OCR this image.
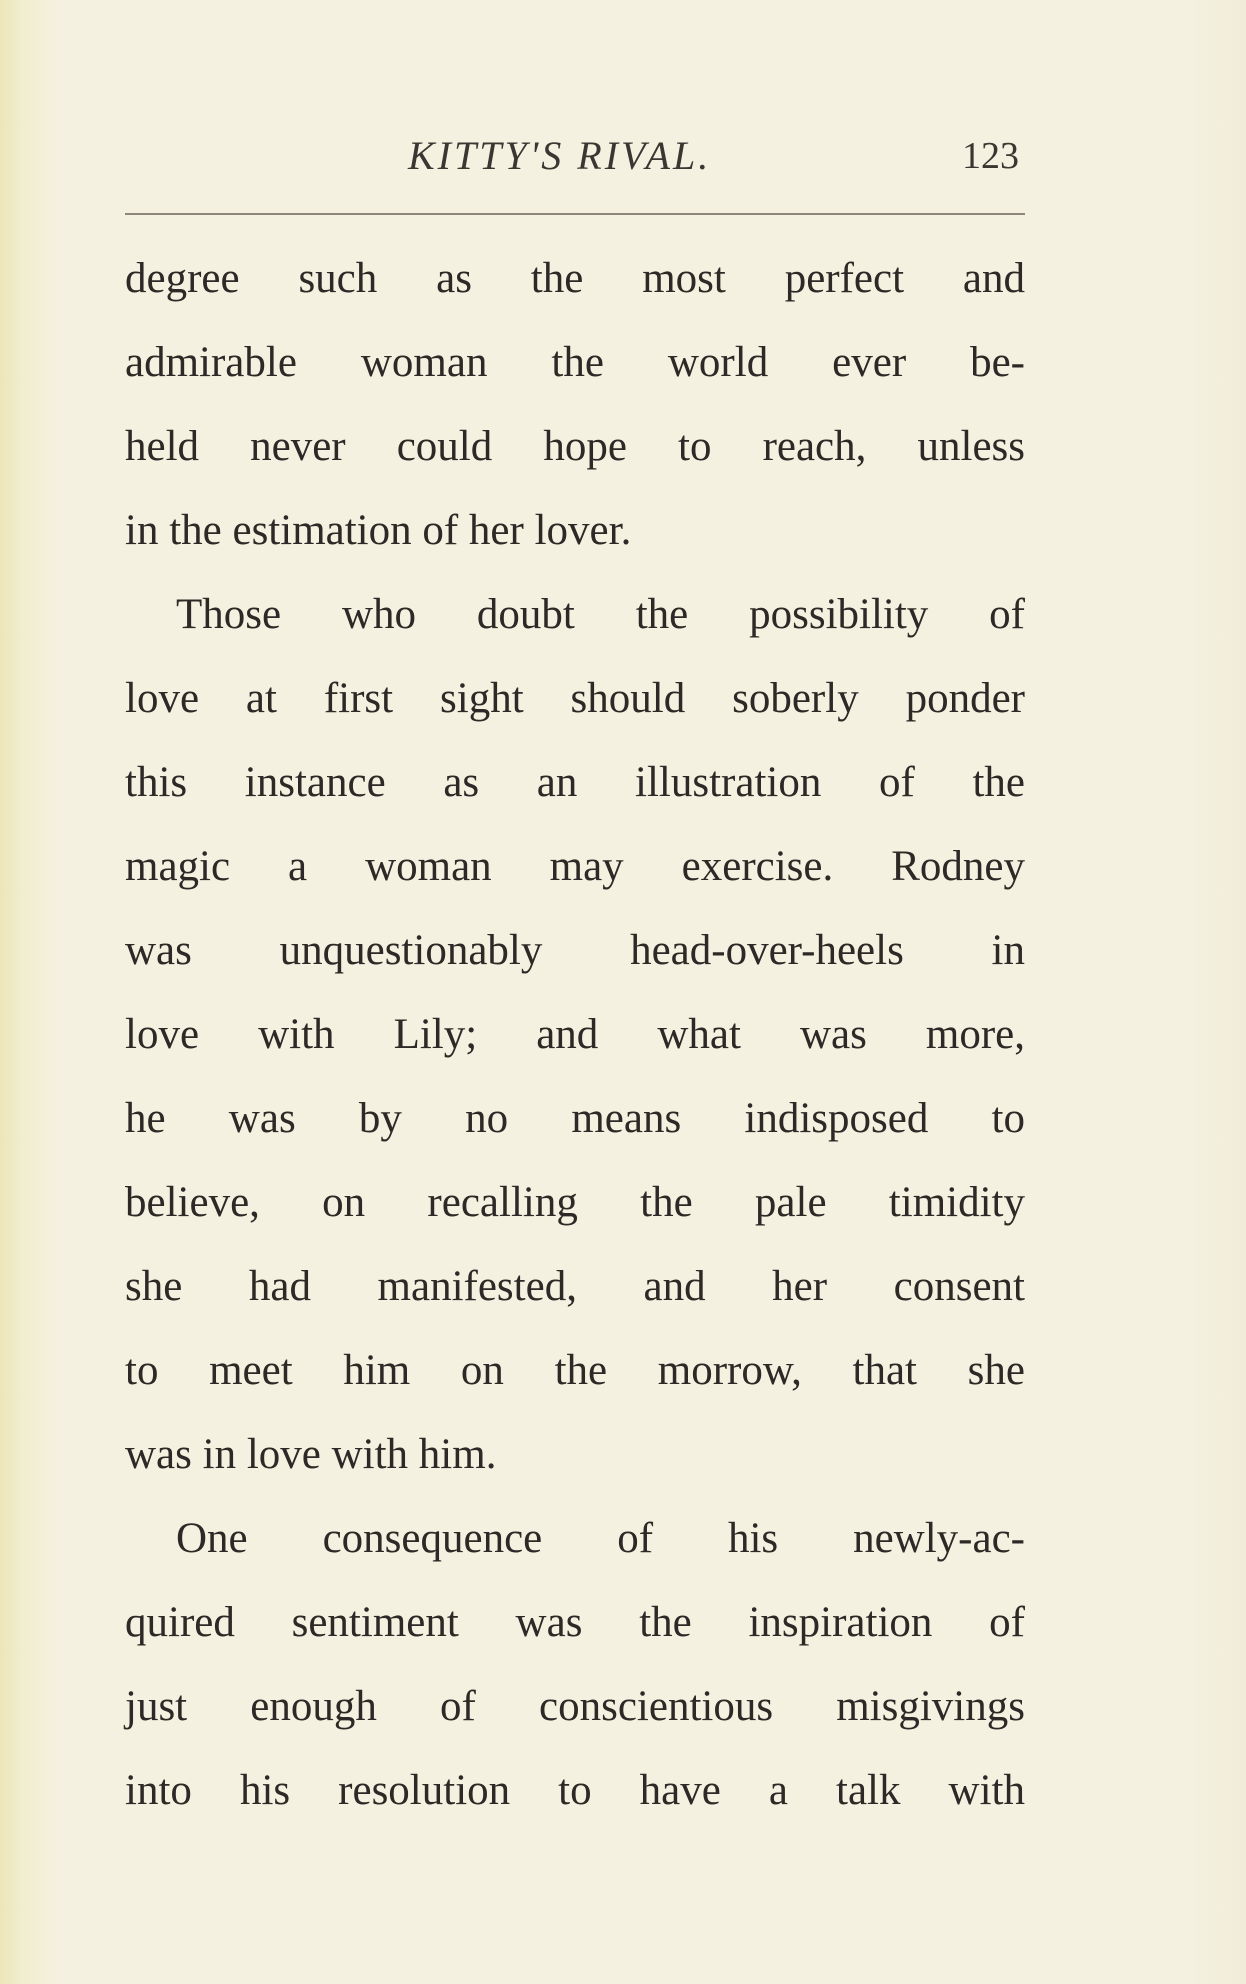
KITTY'S RIVAL.	123
degree such as the most perfect and
admirable woman the world ever be-
held never could hope to reach, unless
in the estimation of her lover.
Those who doubt the possibility of
love at first sight should soberly ponder
this instance as an illustration of the
magic a woman may exercise. Rodney
was unquestionably head-over-heels in
love with Lily; and what was more,
he was by no means indisposed to
believe, on recalling the pale timidity
she had manifested, and her consent
to meet him on the morrow, that she
was in love with him.
One consequence of his newly-ac-
quired sentiment was the inspiration of
just enough of conscientious misgivings
into his resolution to have a talk with
